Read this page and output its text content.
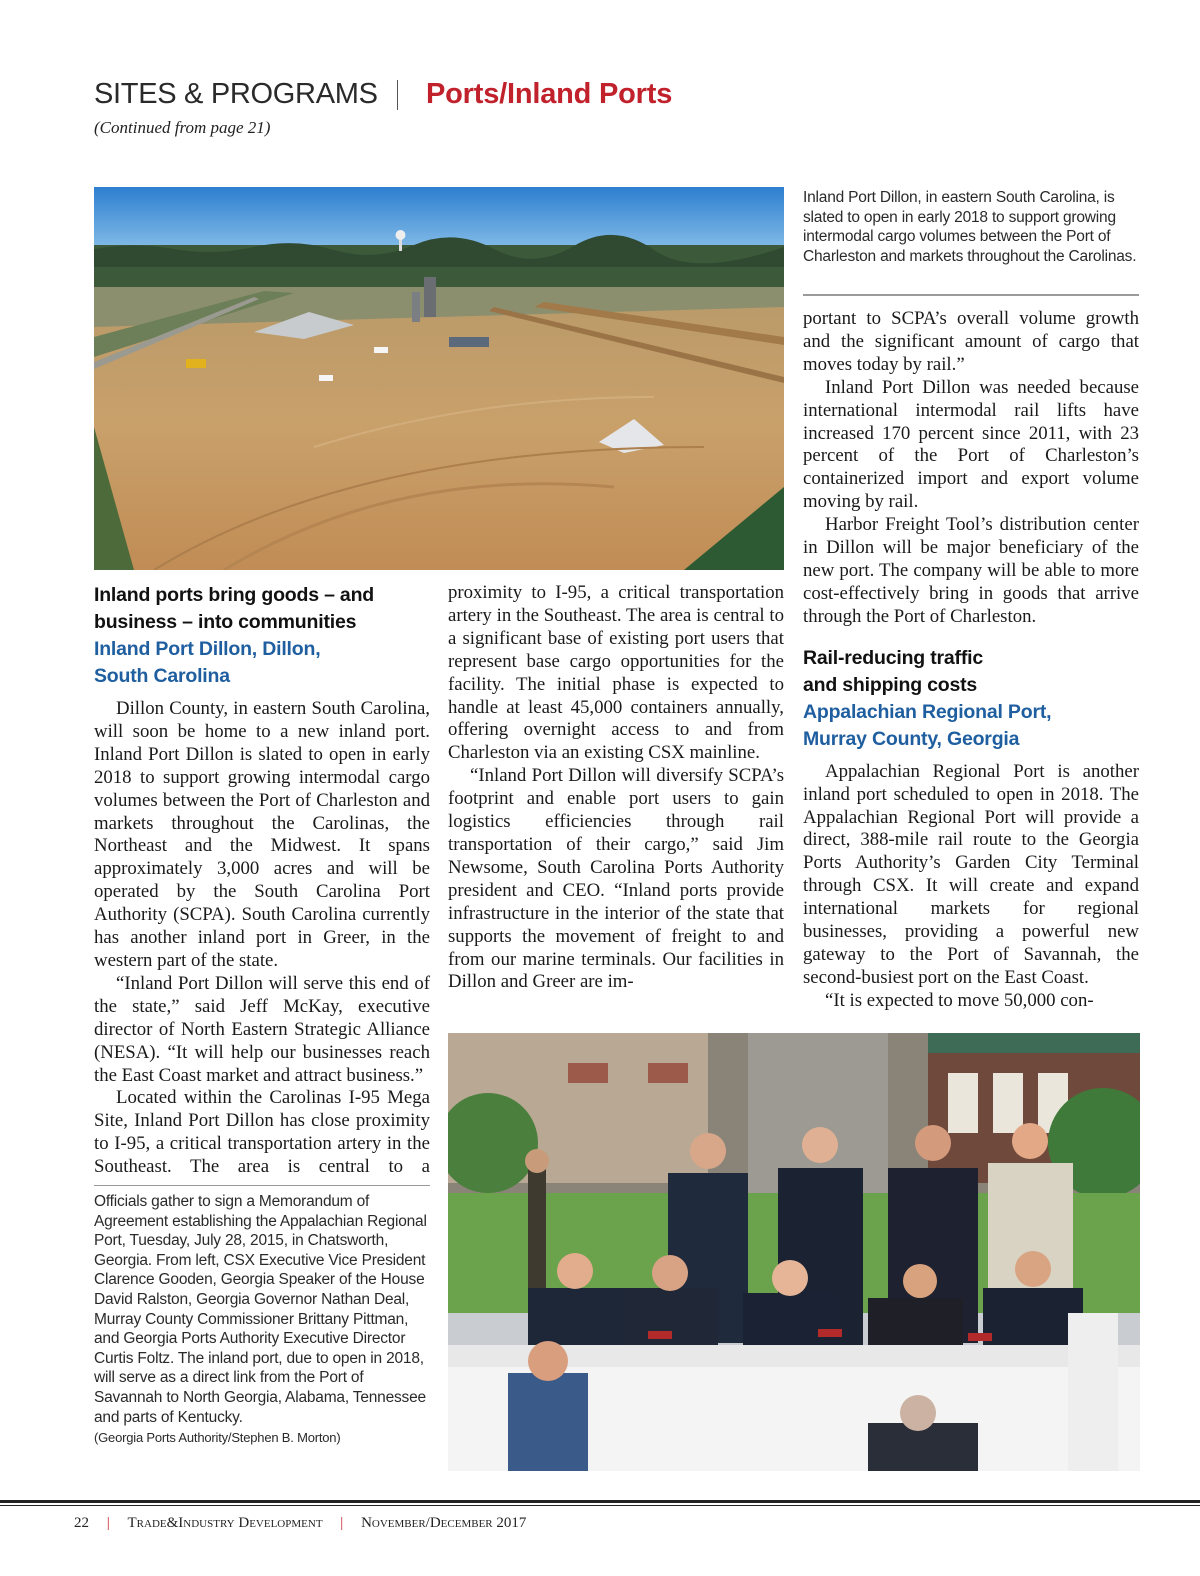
SITES & PROGRAMS Ports/Inland Ports
(Continued from page 21)
Inland Port Dillon, in eastern South Carolina, is slated to open in early 2018 to support growing intermodal cargo volumes between the Port of Charleston and markets throughout the Carolinas.
Inland ports bring goods – and
business – into communities
Inland Port Dillon, Dillon,
South Carolina

Dillon County, in eastern South Carolina, will soon be home to a new inland port. Inland Port Dillon is slated to open in early 2018 to support growing intermodal cargo volumes between the Port of Charleston and markets throughout the Carolinas, the Northeast and the Midwest. It spans approximately 3,000 acres and will be operated by the South Carolina Port Authority (SCPA). South Carolina currently has another inland port in Greer, in the western part of the state.

“Inland Port Dillon will serve this end of the state,” said Jeff McKay, executive director of North Eastern Strategic Alliance (NESA). “It will help our businesses reach the East Coast market and attract business.”

Located within the Carolinas I-95 Mega Site, Inland Port Dillon has close proximity to I-95, a critical transportation artery in the Southeast. The area is central to a

proximity to I-95, a critical transportation artery in the Southeast. The area is central to a significant base of existing port users that represent base cargo opportunities for the facility. The initial phase is expected to handle at least 45,000 containers annually, offering overnight access to and from Charleston via an existing CSX mainline.

“Inland Port Dillon will diversify SCPA’s footprint and enable port users to gain logistics efficiencies through rail transportation of their cargo,” said Jim Newsome, South Carolina Ports Authority president and CEO. “Inland ports provide infrastructure in the interior of the state that supports the movement of freight to and from our marine terminals. Our facilities in Dillon and Greer are im-

portant to SCPA’s overall volume growth and the significant amount of cargo that moves today by rail.”

Inland Port Dillon was needed because international intermodal rail lifts have increased 170 percent since 2011, with 23 percent of the Port of Charleston’s containerized import and export volume moving by rail.

Harbor Freight Tool’s distribution center in Dillon will be major beneficiary of the new port. The company will be able to more cost-effectively bring in goods that arrive through the Port of Charleston.

Rail-reducing traffic
and shipping costs
Appalachian Regional Port,
Murray County, Georgia

Appalachian Regional Port is another inland port scheduled to open in 2018. The Appalachian Regional Port will provide a direct, 388-mile rail route to the Georgia Ports Authority’s Garden City Terminal through CSX. It will create and expand international markets for regional businesses, providing a powerful new gateway to the Port of Savannah, the second-busiest port on the East Coast.

“It is expected to move 50,000 con-

Officials gather to sign a Memorandum of Agreement establishing the Appalachian Regional Port, Tuesday, July 28, 2015, in Chatsworth, Georgia. From left, CSX Executive Vice President Clarence Gooden, Georgia Speaker of the House David Ralston, Georgia Governor Nathan Deal, Murray County Commissioner Brittany Pittman, and Georgia Ports Authority Executive Director Curtis Foltz. The inland port, due to open in 2018, will serve as a direct link from the Port of Savannah to North Georgia, Alabama, Tennessee and parts of Kentucky.
(Georgia Ports Authority/Stephen B. Morton)
22 | Trade&Industry Development | November/December 2017
